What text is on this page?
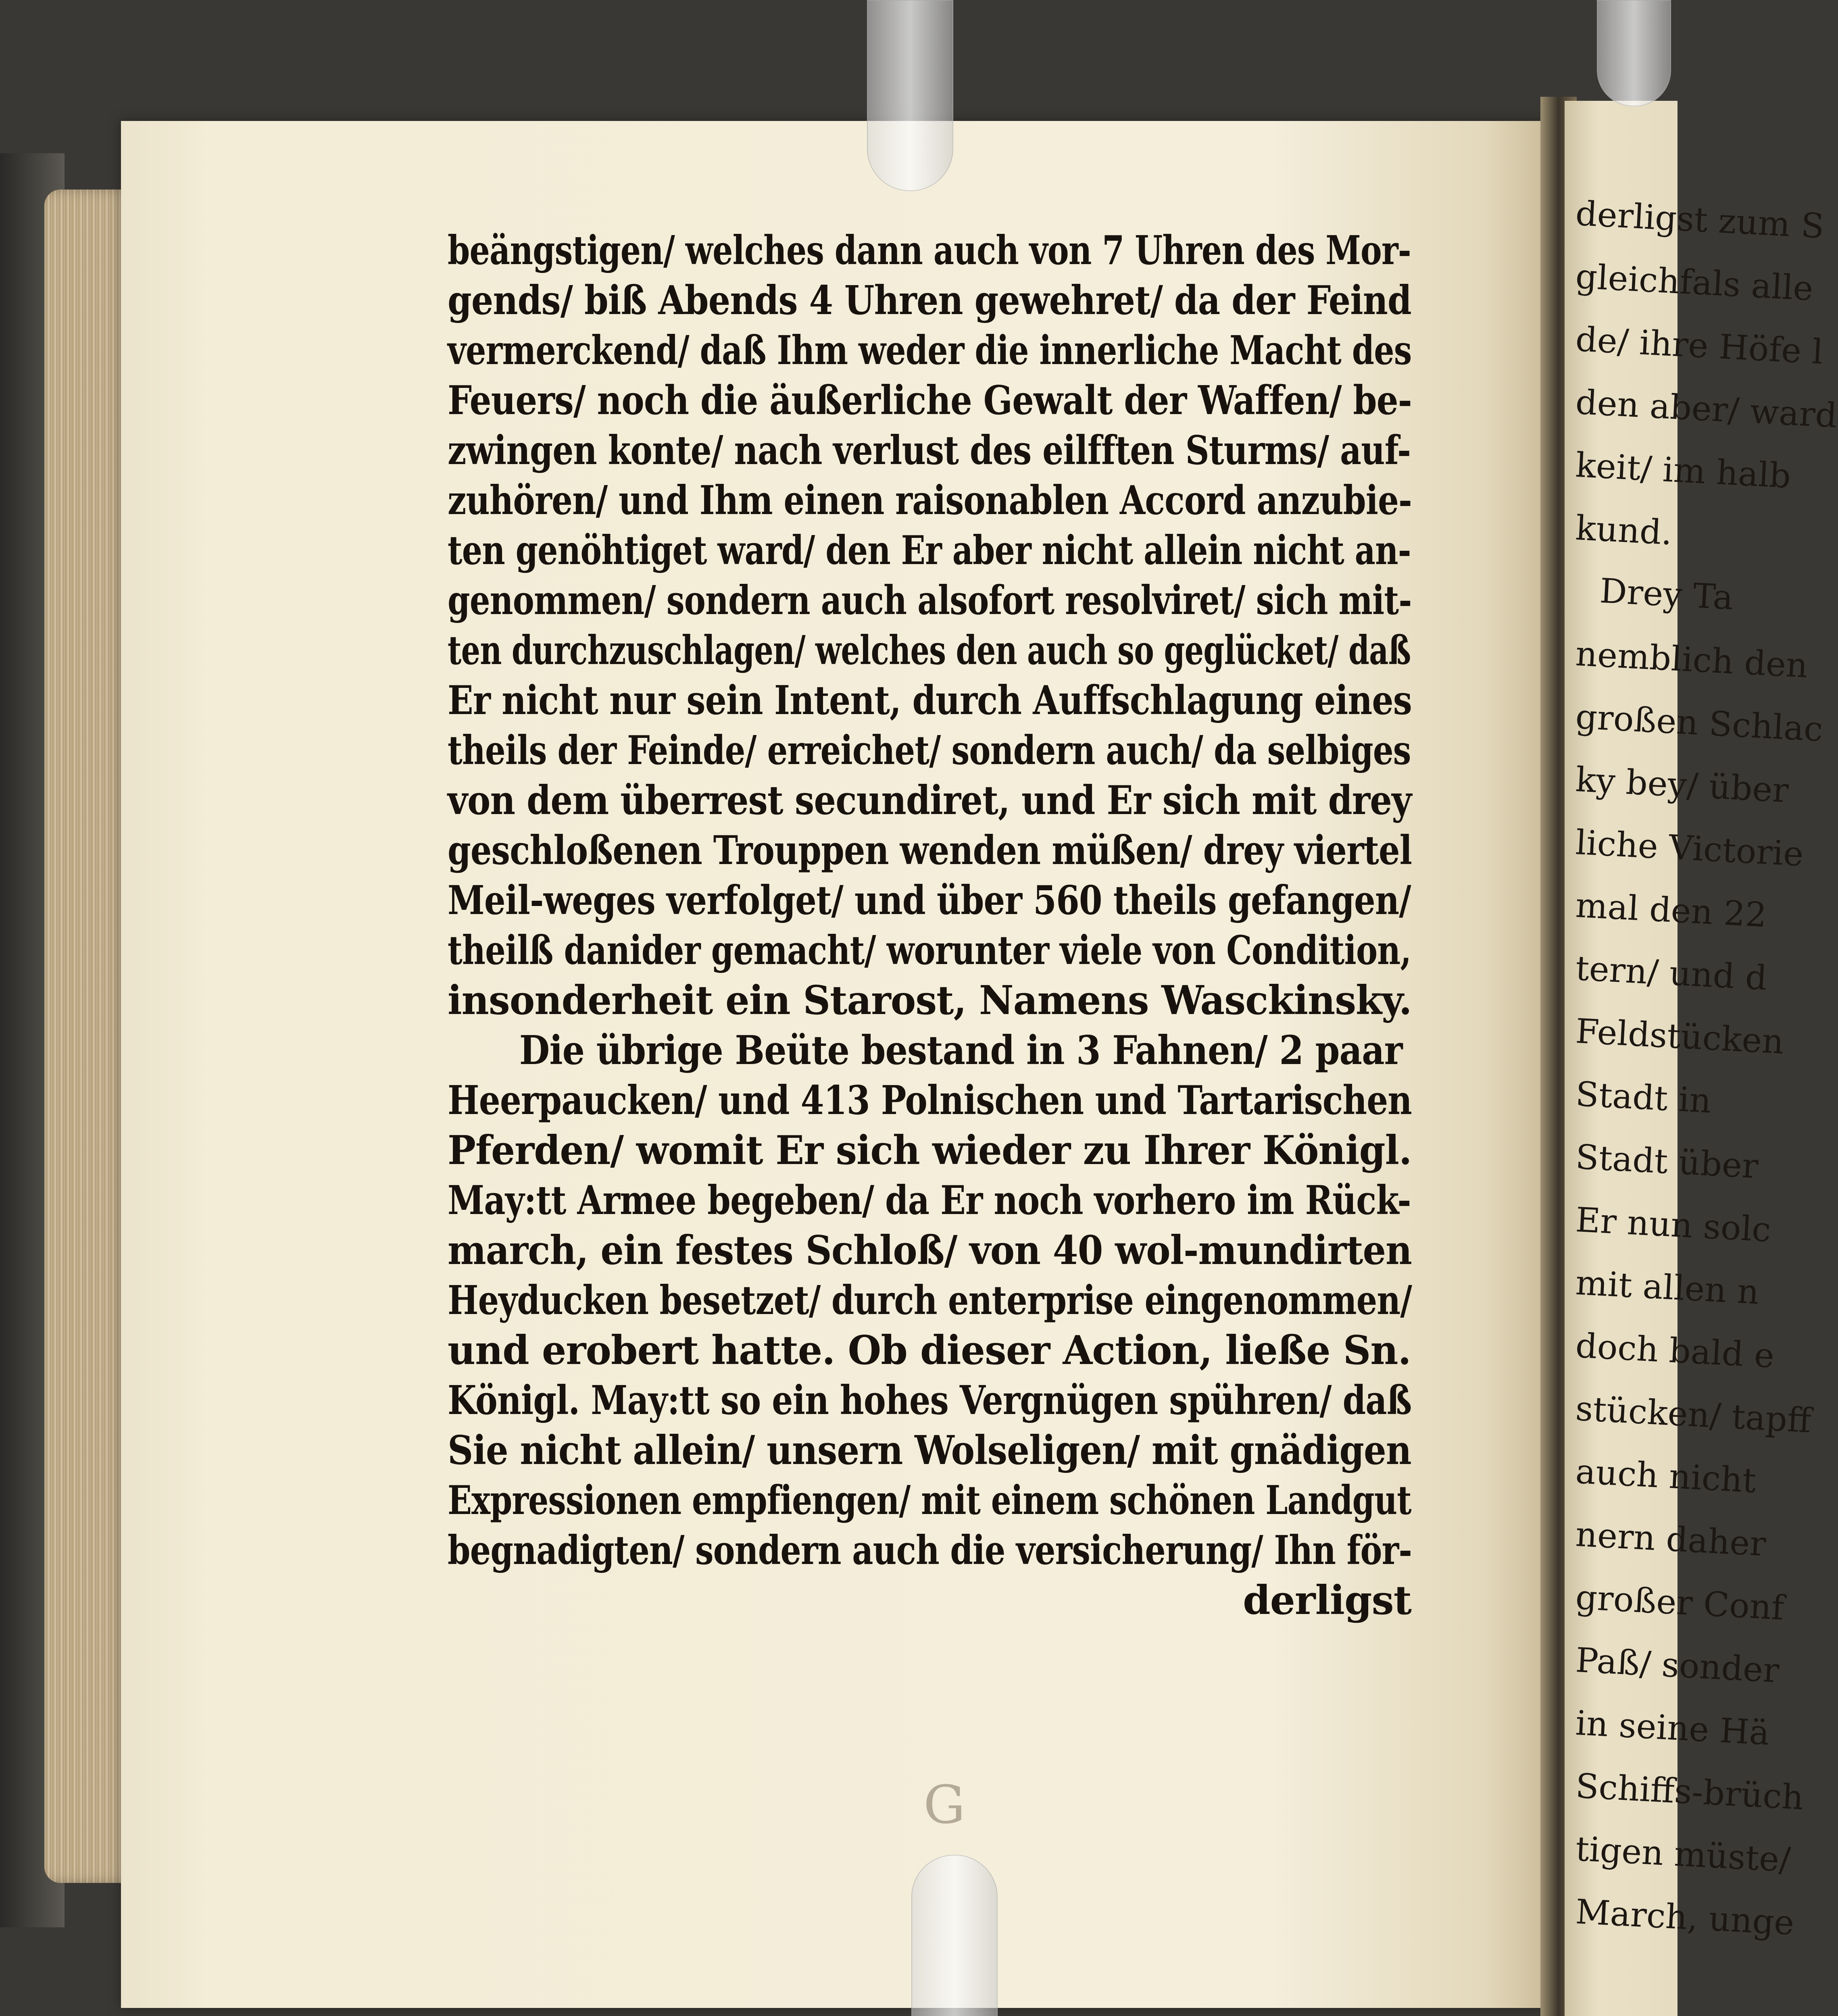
derligst zum S
gleichfals alle
de/ ihre Höfe l
den aber/ ward
keit/ im halb
kund.
Drey Ta
nemblich den
großen Schlac
ky bey/ über
liche Victorie
mal den 22
tern/ und d
Feldstücken
Stadt in
Stadt über
Er nun solc
mit allen n
doch bald e
stücken/ tapff
auch nicht
nern daher
großer Conf
Paß/ sonder
in seine Hä
Schiffs-brüch
tigen müste/
March, unge
beängstigen/ welches dann auch von 7 Uhren des Mor-
gends/ biß Abends 4 Uhren gewehret/ da der Feind
vermerckend/ daß Ihm weder die innerliche Macht des
Feuers/ noch die äußerliche Gewalt der Waffen/ be-
zwingen konte/ nach verlust des eilfften Sturms/ auf-
zuhören/ und Ihm einen raisonablen Accord anzubie-
ten genöhtiget ward/ den Er aber nicht allein nicht an-
genommen/ sondern auch alsofort resolviret/ sich mit-
ten durchzuschlagen/ welches den auch so geglücket/ daß
Er nicht nur sein Intent, durch Auffschlagung eines
theils der Feinde/ erreichet/ sondern auch/ da selbiges
von dem überrest secundiret, und Er sich mit drey
geschloßenen Trouppen wenden müßen/ drey viertel
Meil-weges verfolget/ und über 560 theils gefangen/
theilß danider gemacht/ worunter viele von Condition,
insonderheit ein Starost, Namens Wasckinsky.
Die übrige Beüte bestand in 3 Fahnen/ 2 paar
Heerpaucken/ und 413 Polnischen und Tartarischen
Pferden/ womit Er sich wieder zu Ihrer Königl.
May:tt Armee begeben/ da Er noch vorhero im Rück-
march, ein festes Schloß/ von 40 wol-mundirten
Heyducken besetzet/ durch enterprise eingenommen/
und erobert hatte. Ob dieser Action, ließe Sn.
Königl. May:tt so ein hohes Vergnügen spühren/ daß
Sie nicht allein/ unsern Wolseligen/ mit gnädigen
Expressionen empfiengen/ mit einem schönen Landgut
begnadigten/ sondern auch die versicherung/ Ihn för-
derligst
G
